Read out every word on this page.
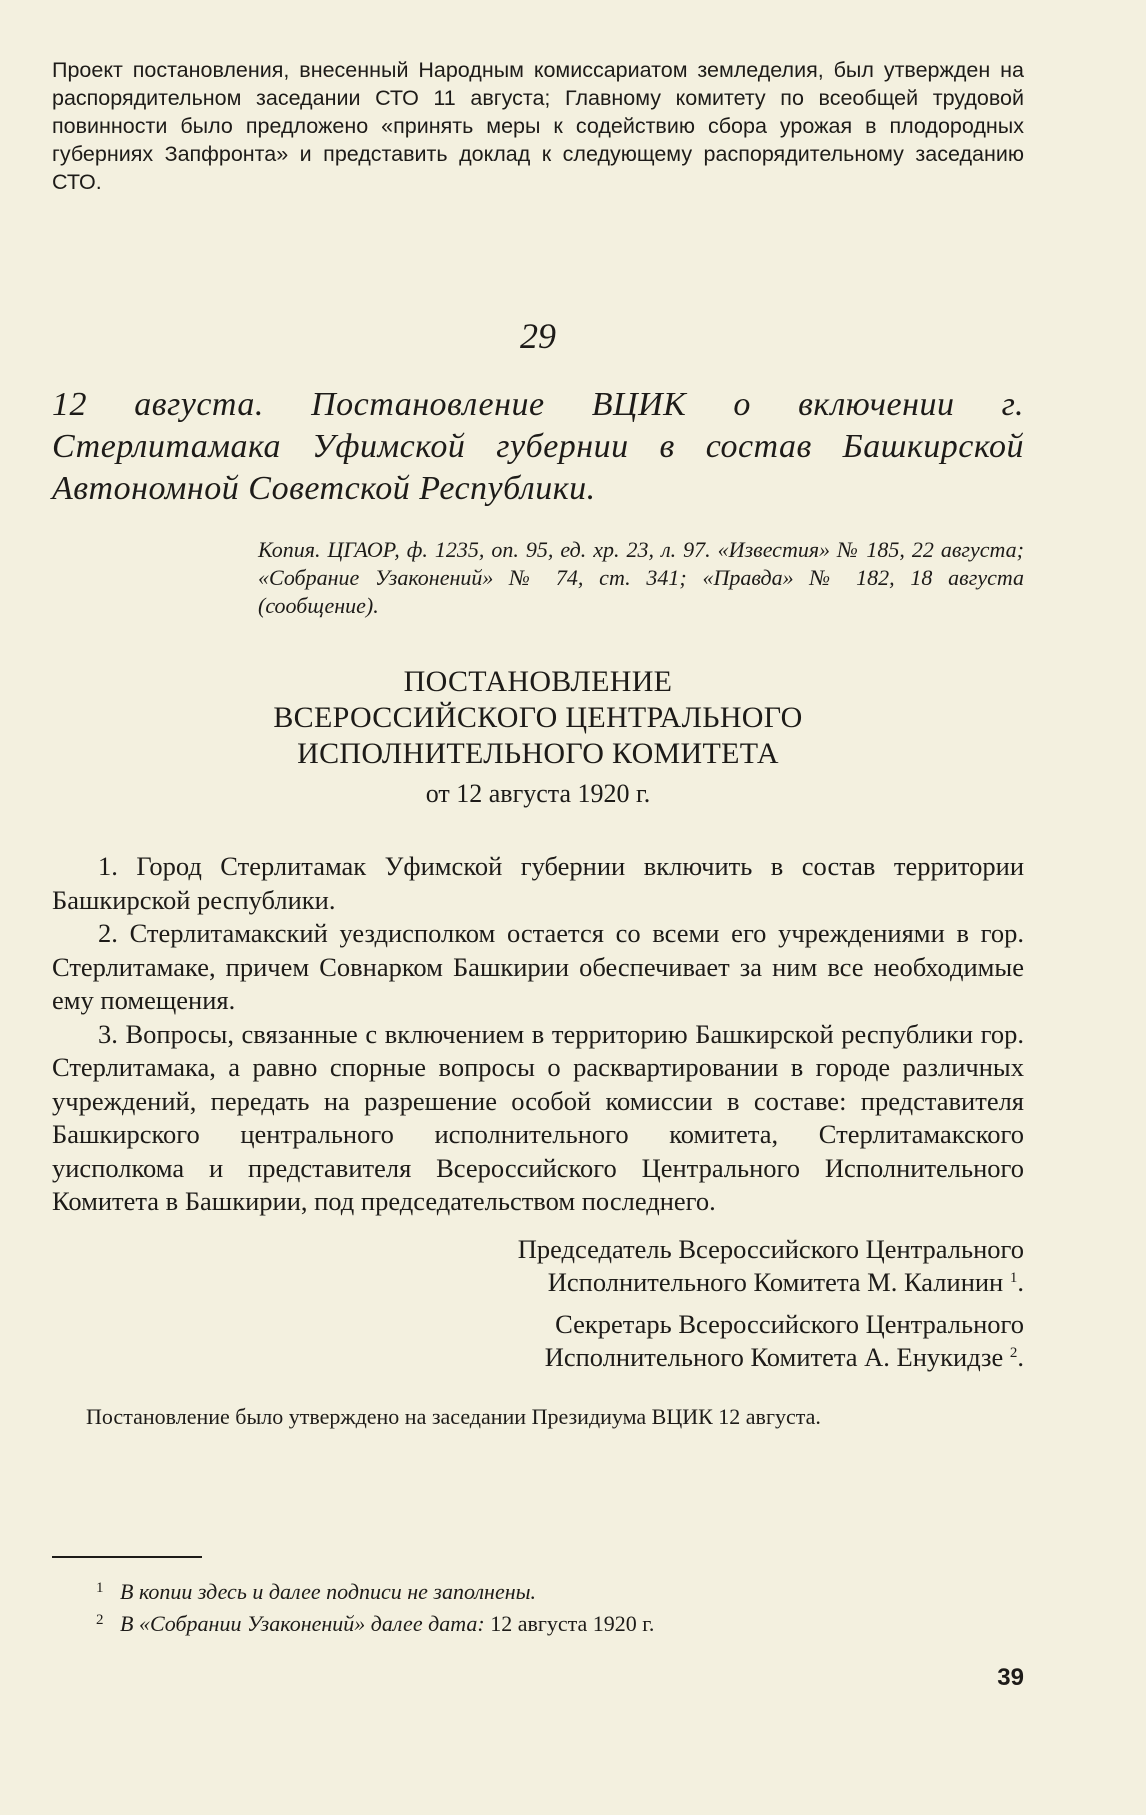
Проект постановления, внесенный Народным комиссариатом земледелия, был утвержден на распорядительном заседании СТО 11 августа; Главному комитету по всеобщей трудовой повинности было предложено «принять меры к содействию сбора урожая в плодородных губерниях Запфронта» и представить доклад к следующему распорядительному заседанию СТО.

29

12 августа. Постановление ВЦИК о включении г. Стерлитамака Уфимской губернии в состав Башкирской Автономной Советской Республики.

Копия. ЦГАОР, ф. 1235, оп. 95, ед. хр. 23, л. 97. «Известия» № 185, 22 августа; «Собрание Узаконений» № 74, ст. 341; «Правда» № 182, 18 августа (сообщение).

ПОСТАНОВЛЕНИЕ

ВСЕРОССИЙСКОГО ЦЕНТРАЛЬНОГО

ИСПОЛНИТЕЛЬНОГО КОМИТЕТА

от 12 августа 1920 г.

1. Город Стерлитамак Уфимской губернии включить в состав территории Башкирской республики.

2. Стерлитамакский уездисполком остается со всеми его учреждениями в гор. Стерлитамаке, причем Совнарком Башкирии обеспечивает за ним все необходимые ему помещения.

3. Вопросы, связанные с включением в территорию Башкирской республики гор. Стерлитамака, а равно спорные вопросы о расквартировании в городе различных учреждений, передать на разрешение особой комиссии в составе: представителя Башкирского центрального исполнительного комитета, Стерлитамакского уисполкома и представителя Всероссийского Центрального Исполнительного Комитета в Башкирии, под председательством последнего.

Председатель Всероссийского Центрального

Исполнительного Комитета М. Калинин $^1$.

Секретарь Всероссийского Центрального

Исполнительного Комитета А. Енукидзе $^2$.

Постановление было утверждено на заседании Президиума ВЦИК 12 августа.

1 В копии здесь и далее подписи не заполнены.

2 В «Собрании Узаконений» далее дата: 12 августа 1920 г.

39
